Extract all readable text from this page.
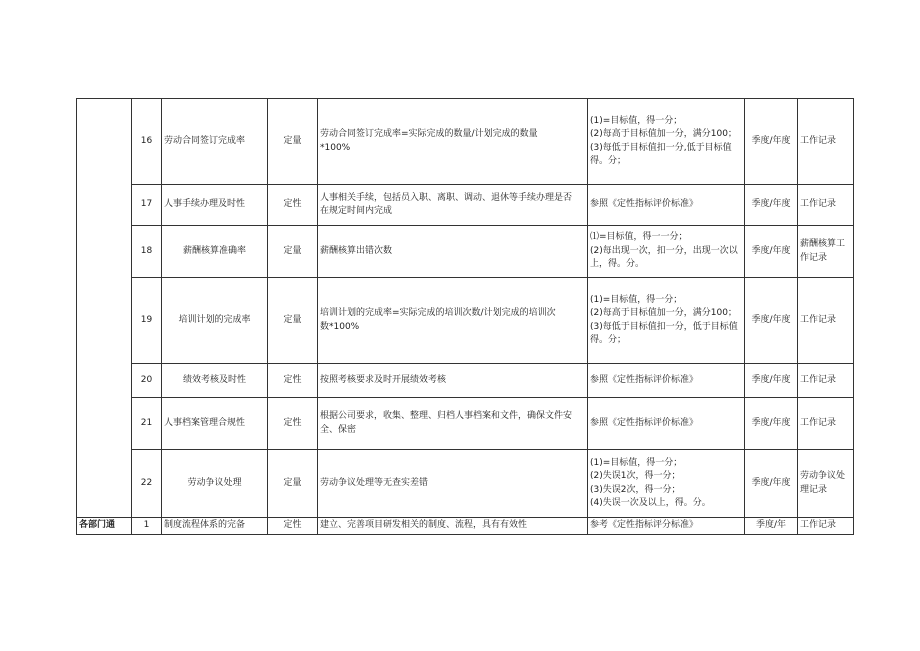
	16	劳动合同签订完成率	定量	劳动合同签订完成率=实际完成的数量/计划完成的数量
*100%	(1)=目标值，得一分；
(2)每高于目标值加一分，满分100；
(3)每低于目标值扣一分,低于目标值
得。分；	季度/年度	工作记录

	17	人事手续办理及时性	定性	人事相关手续，包括员入职、离职、调动、退休等手续办理是否
在规定时间内完成	参照《定性指标评价标准》	季度/年度	工作记录

	18	薪酬核算准确率	定量	薪酬核算出错次数	⑴=目标值，得一一分；
(2)每出现一次，扣一分，出现一次以
上，得。分。	季度/年度	薪酬核算工
作记录

	19	培训计划的完成率	定量	培训计划的完成率=实际完成的培训次数/计划完成的培训次
数*100%	(1)=目标值，得一分；
(2)每高于目标值加一分，满分100；
(3)每低于目标值扣一分，低于目标值
得。分；	季度/年度	工作记录

	20	绩效考核及时性	定性	按照考核要求及时开展绩效考核	参照《定性指标评价标准》	季度/年度	工作记录

	21	人事档案管理合规性	定性	根据公司要求，收集、整理、归档人事档案和文件，确保文件安
全、保密	参照《定性指标评价标准》	季度/年度	工作记录

	22	劳动争议处理	定量	劳动争议处理等无查实差错	(1)=目标值，得一分；
(2)失误1次，得一分；
(3)失误2次，得一分；
(4)失误一次及以上，得。分。	季度/年度	劳动争议处
理记录

各部门通	1	制度流程体系的完备	定性	建立、完善项目研发相关的制度、流程，具有有效性	参考《定性指标评分标准》	季度/年	工作记录
